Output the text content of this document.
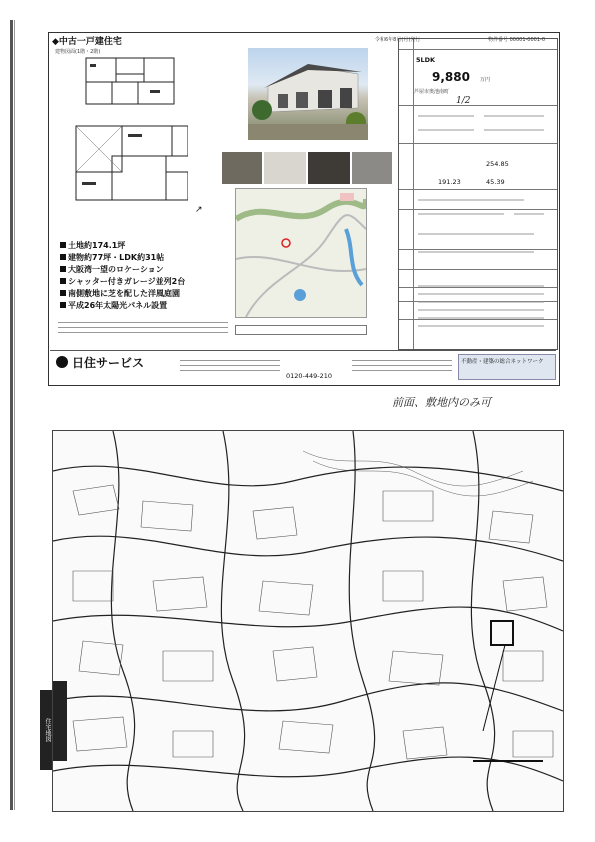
◆中古一戸建住宅
建物図面(1階・2階)
↗
土地約174.1坪
建物約77坪・LDK約31帖
大阪湾一望のロケーション
シャッター付きガレージ並列2台
南側敷地に芝を配した洋風庭園
平成26年太陽光パネル設置
令和6年8月(月)発行	物件番号 00001-0001-0
5LDK
9,880 万円
芦屋市奥池南町
1/2
254.85
191.23	45.39
日住サービス
0120-449-210
不動産・建築の総合ネットワーク
前面、敷地内のみ可
住宅地図
